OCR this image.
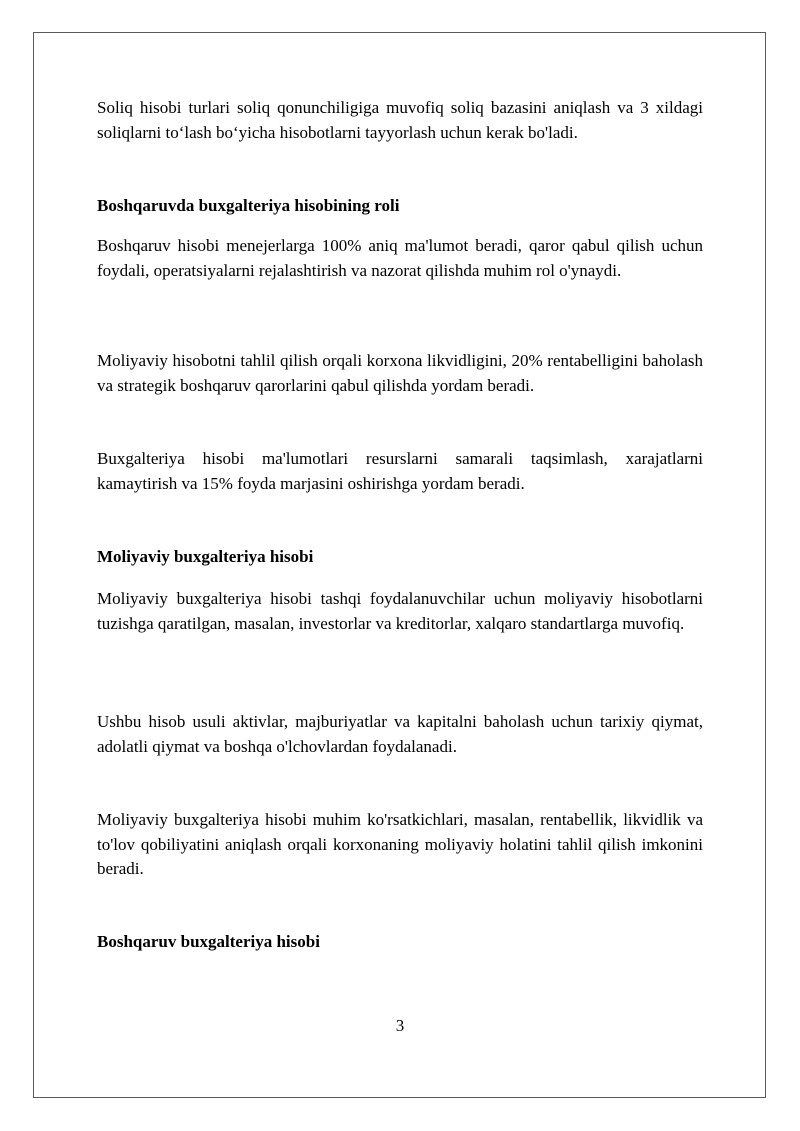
Soliq hisobi turlari soliq qonunchiligiga muvofiq soliq bazasini aniqlash va 3 xildagi soliqlarni to‘lash bo‘yicha hisobotlarni tayyorlash uchun kerak bo'ladi.

Boshqaruvda buxgalteriya hisobining roli

Boshqaruv hisobi menejerlarga 100% aniq ma'lumot beradi, qaror qabul qilish uchun foydali, operatsiyalarni rejalashtirish va nazorat qilishda muhim rol o'ynaydi.

Moliyaviy hisobotni tahlil qilish orqali korxona likvidligini, 20% rentabelligini baholash va strategik boshqaruv qarorlarini qabul qilishda yordam beradi.

Buxgalteriya hisobi ma'lumotlari resurslarni samarali taqsimlash, xarajatlarni kamaytirish va 15% foyda marjasini oshirishga yordam beradi.

Moliyaviy buxgalteriya hisobi

Moliyaviy buxgalteriya hisobi tashqi foydalanuvchilar uchun moliyaviy hisobotlarni tuzishga qaratilgan, masalan, investorlar va kreditorlar, xalqaro standartlarga muvofiq.

Ushbu hisob usuli aktivlar, majburiyatlar va kapitalni baholash uchun tarixiy qiymat, adolatli qiymat va boshqa o'lchovlardan foydalanadi.

Moliyaviy buxgalteriya hisobi muhim ko'rsatkichlari, masalan, rentabellik, likvidlik va to'lov qobiliyatini aniqlash orqali korxonaning moliyaviy holatini tahlil qilish imkonini beradi.

Boshqaruv buxgalteriya hisobi

3
